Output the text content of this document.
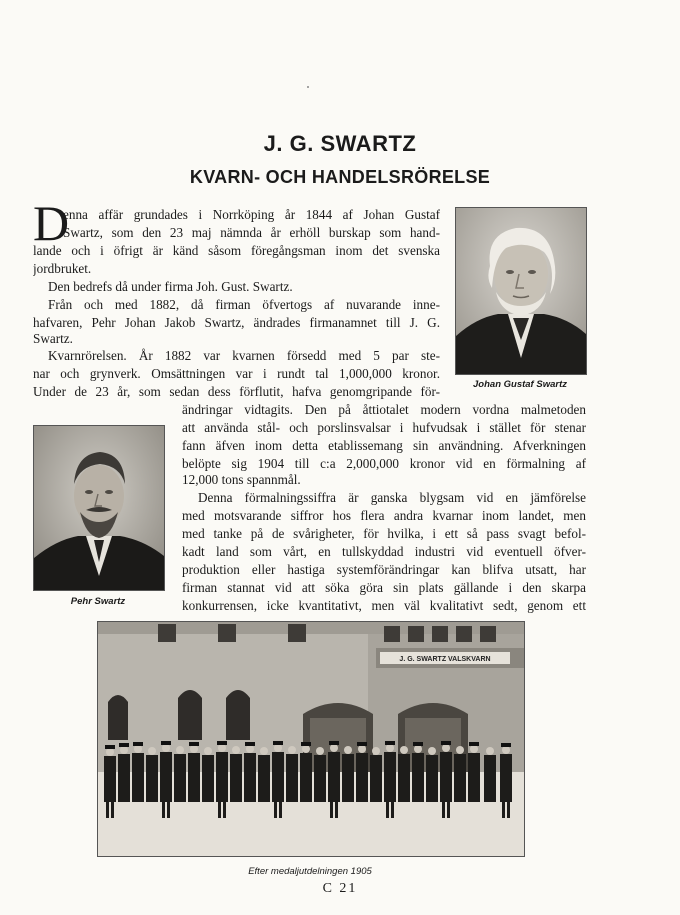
J. G. SWARTZ
KVARN- OCH HANDELSRÖRELSE
D
enna affär grundades i Norrköping år 1844 af Johan Gustaf
Swartz, som den 23 maj nämnda år erhöll burskap som hand-
lande och i öfrigt är känd såsom föregångsman inom det svenska
jordbruket.
Den bedrefs då under firma Joh. Gust. Swartz.
Från och med 1882, då firman öfvertogs af nuvarande inne-
hafvaren, Pehr Johan Jakob Swartz, ändrades firmanamnet till J. G.
Swartz.
Kvarnrörelsen. År 1882 var kvarnen försedd med 5 par ste-
nar och grynverk. Omsättningen var i rundt tal 1,000,000 kronor.
Under de 23 år, som sedan dess förflutit, hafva genomgripande för-
ändringar vidtagits. Den på åttiotalet modern vordna malmetoden
att använda stål- och porslinsvalsar i hufvudsak i stället för stenar
fann äfven inom detta etablissemang sin användning. Afverkningen
belöpte sig 1904 till c:a 2,000,000 kronor vid en förmalning af
12,000 tons spannmål.
Denna förmalningssiffra är ganska blygsam vid en jämförelse
med motsvarande siffror hos flera andra kvarnar inom landet, men
med tanke på de svårigheter, för hvilka, i ett så pass svagt befol-
kadt land som vårt, en tullskyddad industri vid eventuell öfver-
produktion eller hastiga systemförändringar kan blifva utsatt, har
firman stannat vid att söka göra sin plats gällande i den skarpa
konkurrensen, icke kvantitativt, men väl kvalitativt sedt, genom ett
Johan Gustaf Swartz
Pehr Swartz
J. G. SWARTZ VALSKVARN
Efter medaljutdelningen 1905
C 21
